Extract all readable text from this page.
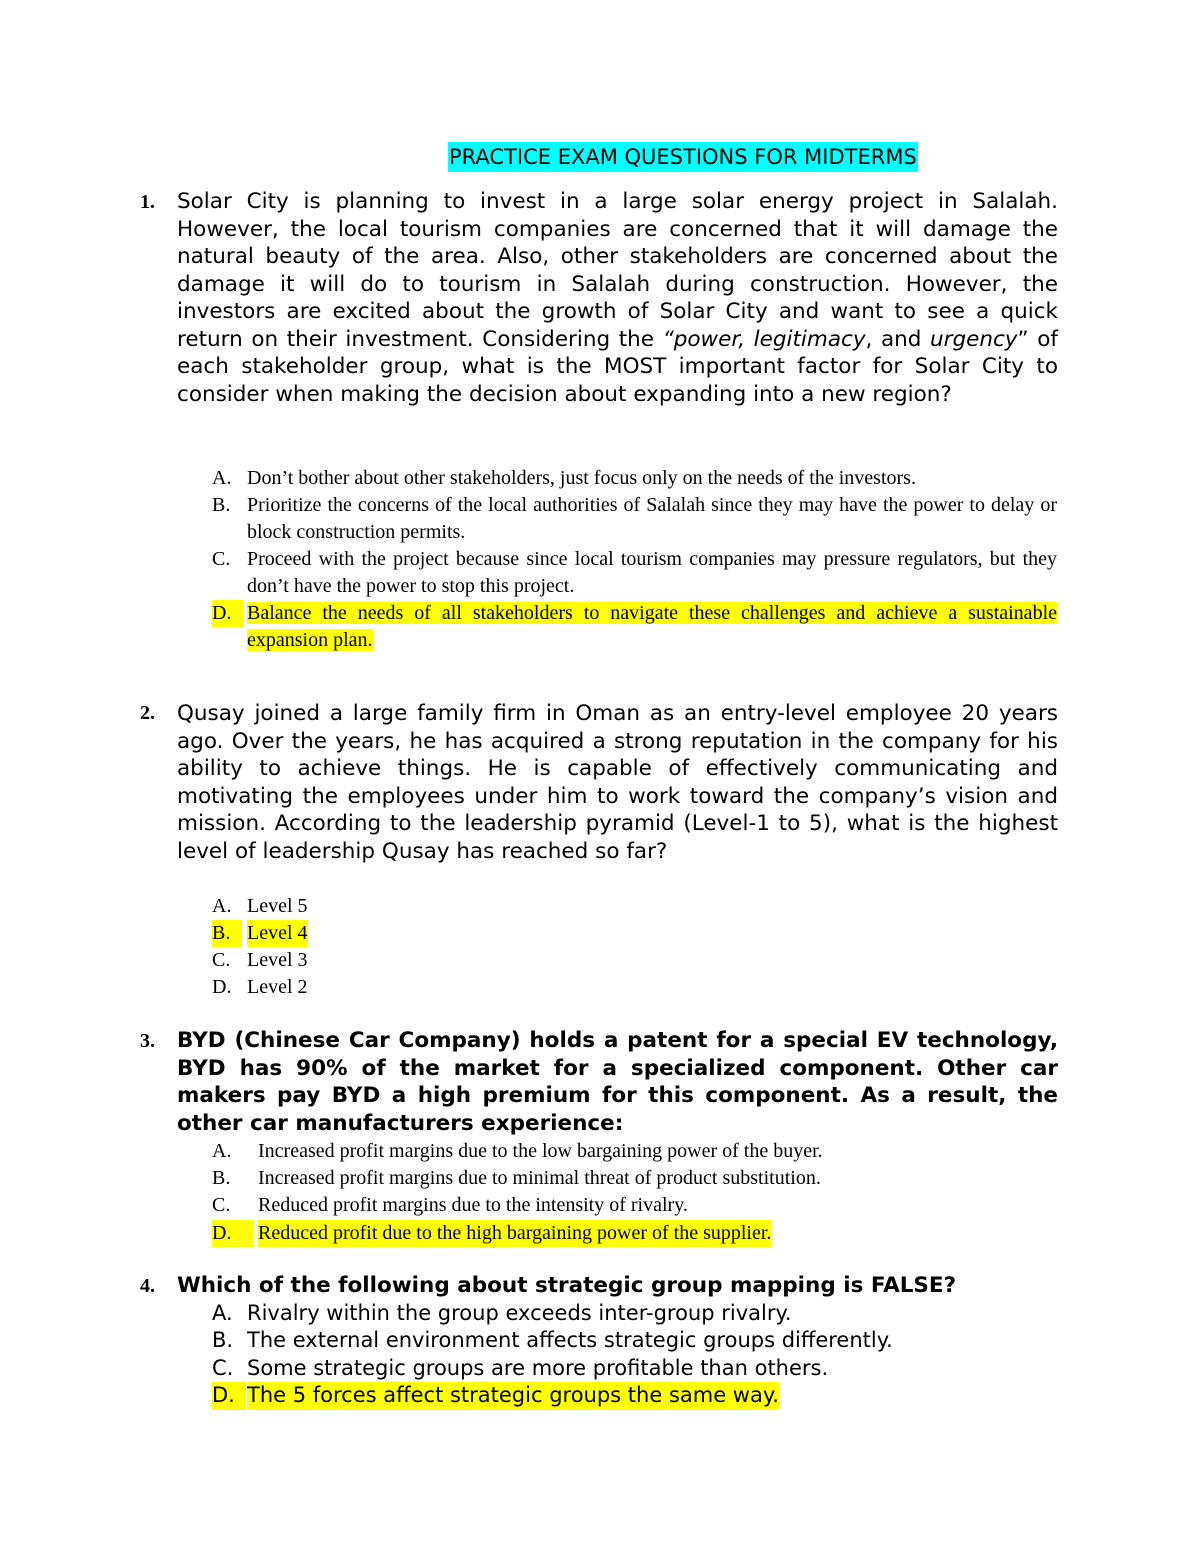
PRACTICE EXAM QUESTIONS FOR MIDTERMS
1. Solar City is planning to invest in a large solar energy project in Salalah. However, the local tourism companies are concerned that it will damage the natural beauty of the area. Also, other stakeholders are concerned about the damage it will do to tourism in Salalah during construction. However, the investors are excited about the growth of Solar City and want to see a quick return on their investment. Considering the “power, legitimacy, and urgency” of each stakeholder group, what is the MOST important factor for Solar City to consider when making the decision about expanding into a new region?

A. Don’t bother about other stakeholders, just focus only on the needs of the investors.
B. Prioritize the concerns of the local authorities of Salalah since they may have the power to delay or block construction permits.
C. Proceed with the project because since local tourism companies may pressure regulators, but they don’t have the power to stop this project.
D. Balance the needs of all stakeholders to navigate these challenges and achieve a sustainable expansion plan.
2. Qusay joined a large family firm in Oman as an entry-level employee 20 years ago. Over the years, he has acquired a strong reputation in the company for his ability to achieve things. He is capable of effectively communicating and motivating the employees under him to work toward the company’s vision and mission. According to the leadership pyramid (Level-1 to 5), what is the highest level of leadership Qusay has reached so far?

A. Level 5
B. Level 4
C. Level 3
D. Level 2
3. BYD (Chinese Car Company) holds a patent for a special EV technology, BYD has 90% of the market for a specialized component. Other car makers pay BYD a high premium for this component. As a result, the other car manufacturers experience:

A. Increased profit margins due to the low bargaining power of the buyer.
B. Increased profit margins due to minimal threat of product substitution.
C. Reduced profit margins due to the intensity of rivalry.
D.	Reduced profit due to the high bargaining power of the supplier.
4. Which of the following about strategic group mapping is FALSE?

A. Rivalry within the group exceeds inter-group rivalry.
B. The external environment affects strategic groups differently.
C. Some strategic groups are more profitable than others.
D. The 5 forces affect strategic groups the same way.
